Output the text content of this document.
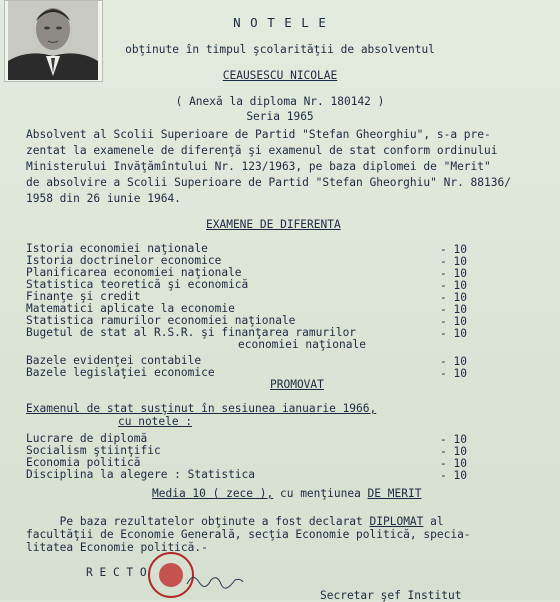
N O T E L E
obţinute în timpul şcolarităţii de absolventul
CEAUSESCU NICOLAE
( Anexă la diploma Nr. 180142 )
Seria 1965
Absolvent al Scolii Superioare de Partid "Stefan Gheorghiu", s-a pre-
zentat la examenele de diferenţă şi examenul de stat conform ordinului
Ministerului Invăţămîntului Nr. 123/1963, pe baza diplomei de "Merit"
de absolvire a Scolii Superioare de Partid "Stefan Gheorghiu" Nr. 88136/
1958 din 26 iunie 1964.
EXAMENE DE DIFERENTA
Istoria economiei naţionale	- 10
Istoria doctrinelor economice	- 10
Planificarea economiei naţionale	- 10
Statistica teoretică şi economică	- 10
Finanţe şi credit	- 10
Matematici aplicate la economie	- 10
Statistica ramurilor economiei naţionale	- 10
Bugetul de stat al R.S.R. şi finanţarea ramurilor	- 10
economiei naţionale
Bazele evidenţei contabile	- 10
Bazele legislaţiei economice	- 10
PROMOVAT
Examenul de stat susţinut în sesiunea ianuarie 1966,
cu notele :
Lucrare de diplomă	- 10
Socialism ştiinţific	- 10
Economia politică	- 10
Disciplina la alegere : Statistica	- 10
Media 10 ( zece ), cu menţiunea DE MERIT
Pe baza rezultatelor obţinute a fost declarat DIPLOMAT al
facultăţii de Economie Generală, secţia Economie politică, specia-
litatea Economie politică.-
R E C T O
Secretar şef Institut
